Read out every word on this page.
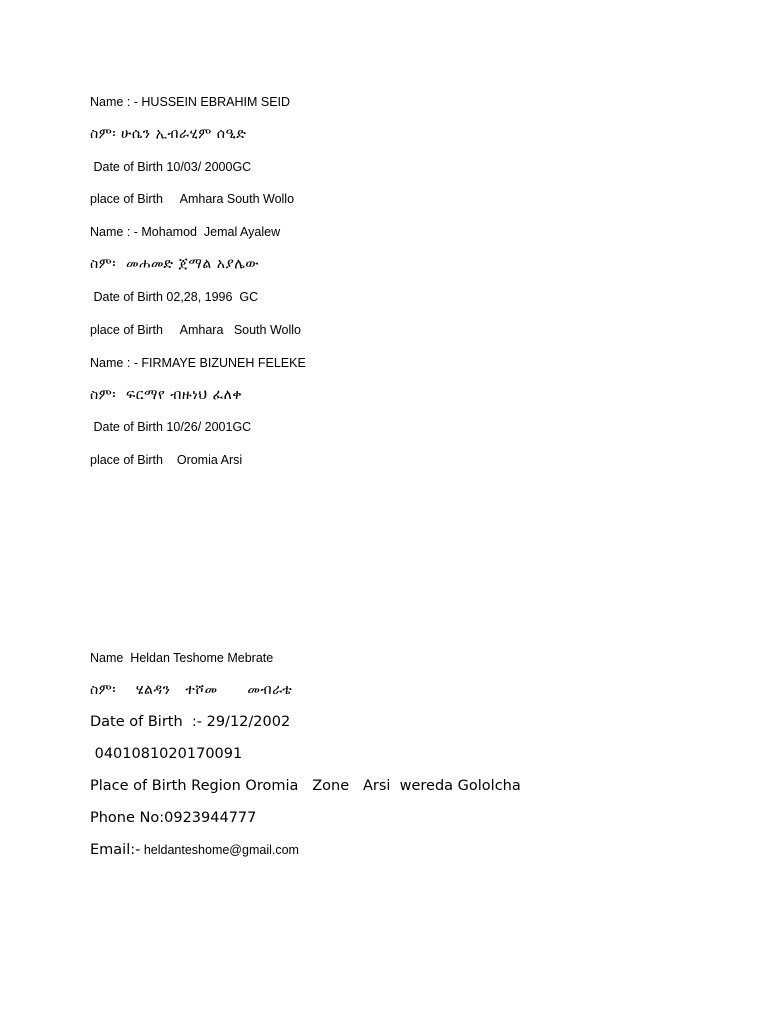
Name : - HUSSEIN EBRAHIM SEID
ስም፡ ሁሴን ኢብራሂም ሰዒድ
Date of Birth 10/03/ 2000GC
place of Birth     Amhara South Wollo
Name : - Mohamod  Jemal Ayalew
ስም፡  መሐመድ ጀማል አያሌው
Date of Birth 02,28, 1996  GC
place of Birth     Amhara   South Wollo
Name : - FIRMAYE BIZUNEH FELEKE
ስም፡  ፍርማየ ብዙነህ ፈለቀ
Date of Birth 10/26/ 2001GC
place of Birth    Oromia Arsi
Name  Heldan Teshome Mebrate
ስም፡    ሄልዳን   ተሾመ      መብራቴ
Date of Birth  :- 29/12/2002
0401081020170091
Place of Birth Region Oromia   Zone   Arsi  wereda Gololcha
Phone No:0923944777
Email:- heldanteshome@gmail.com
